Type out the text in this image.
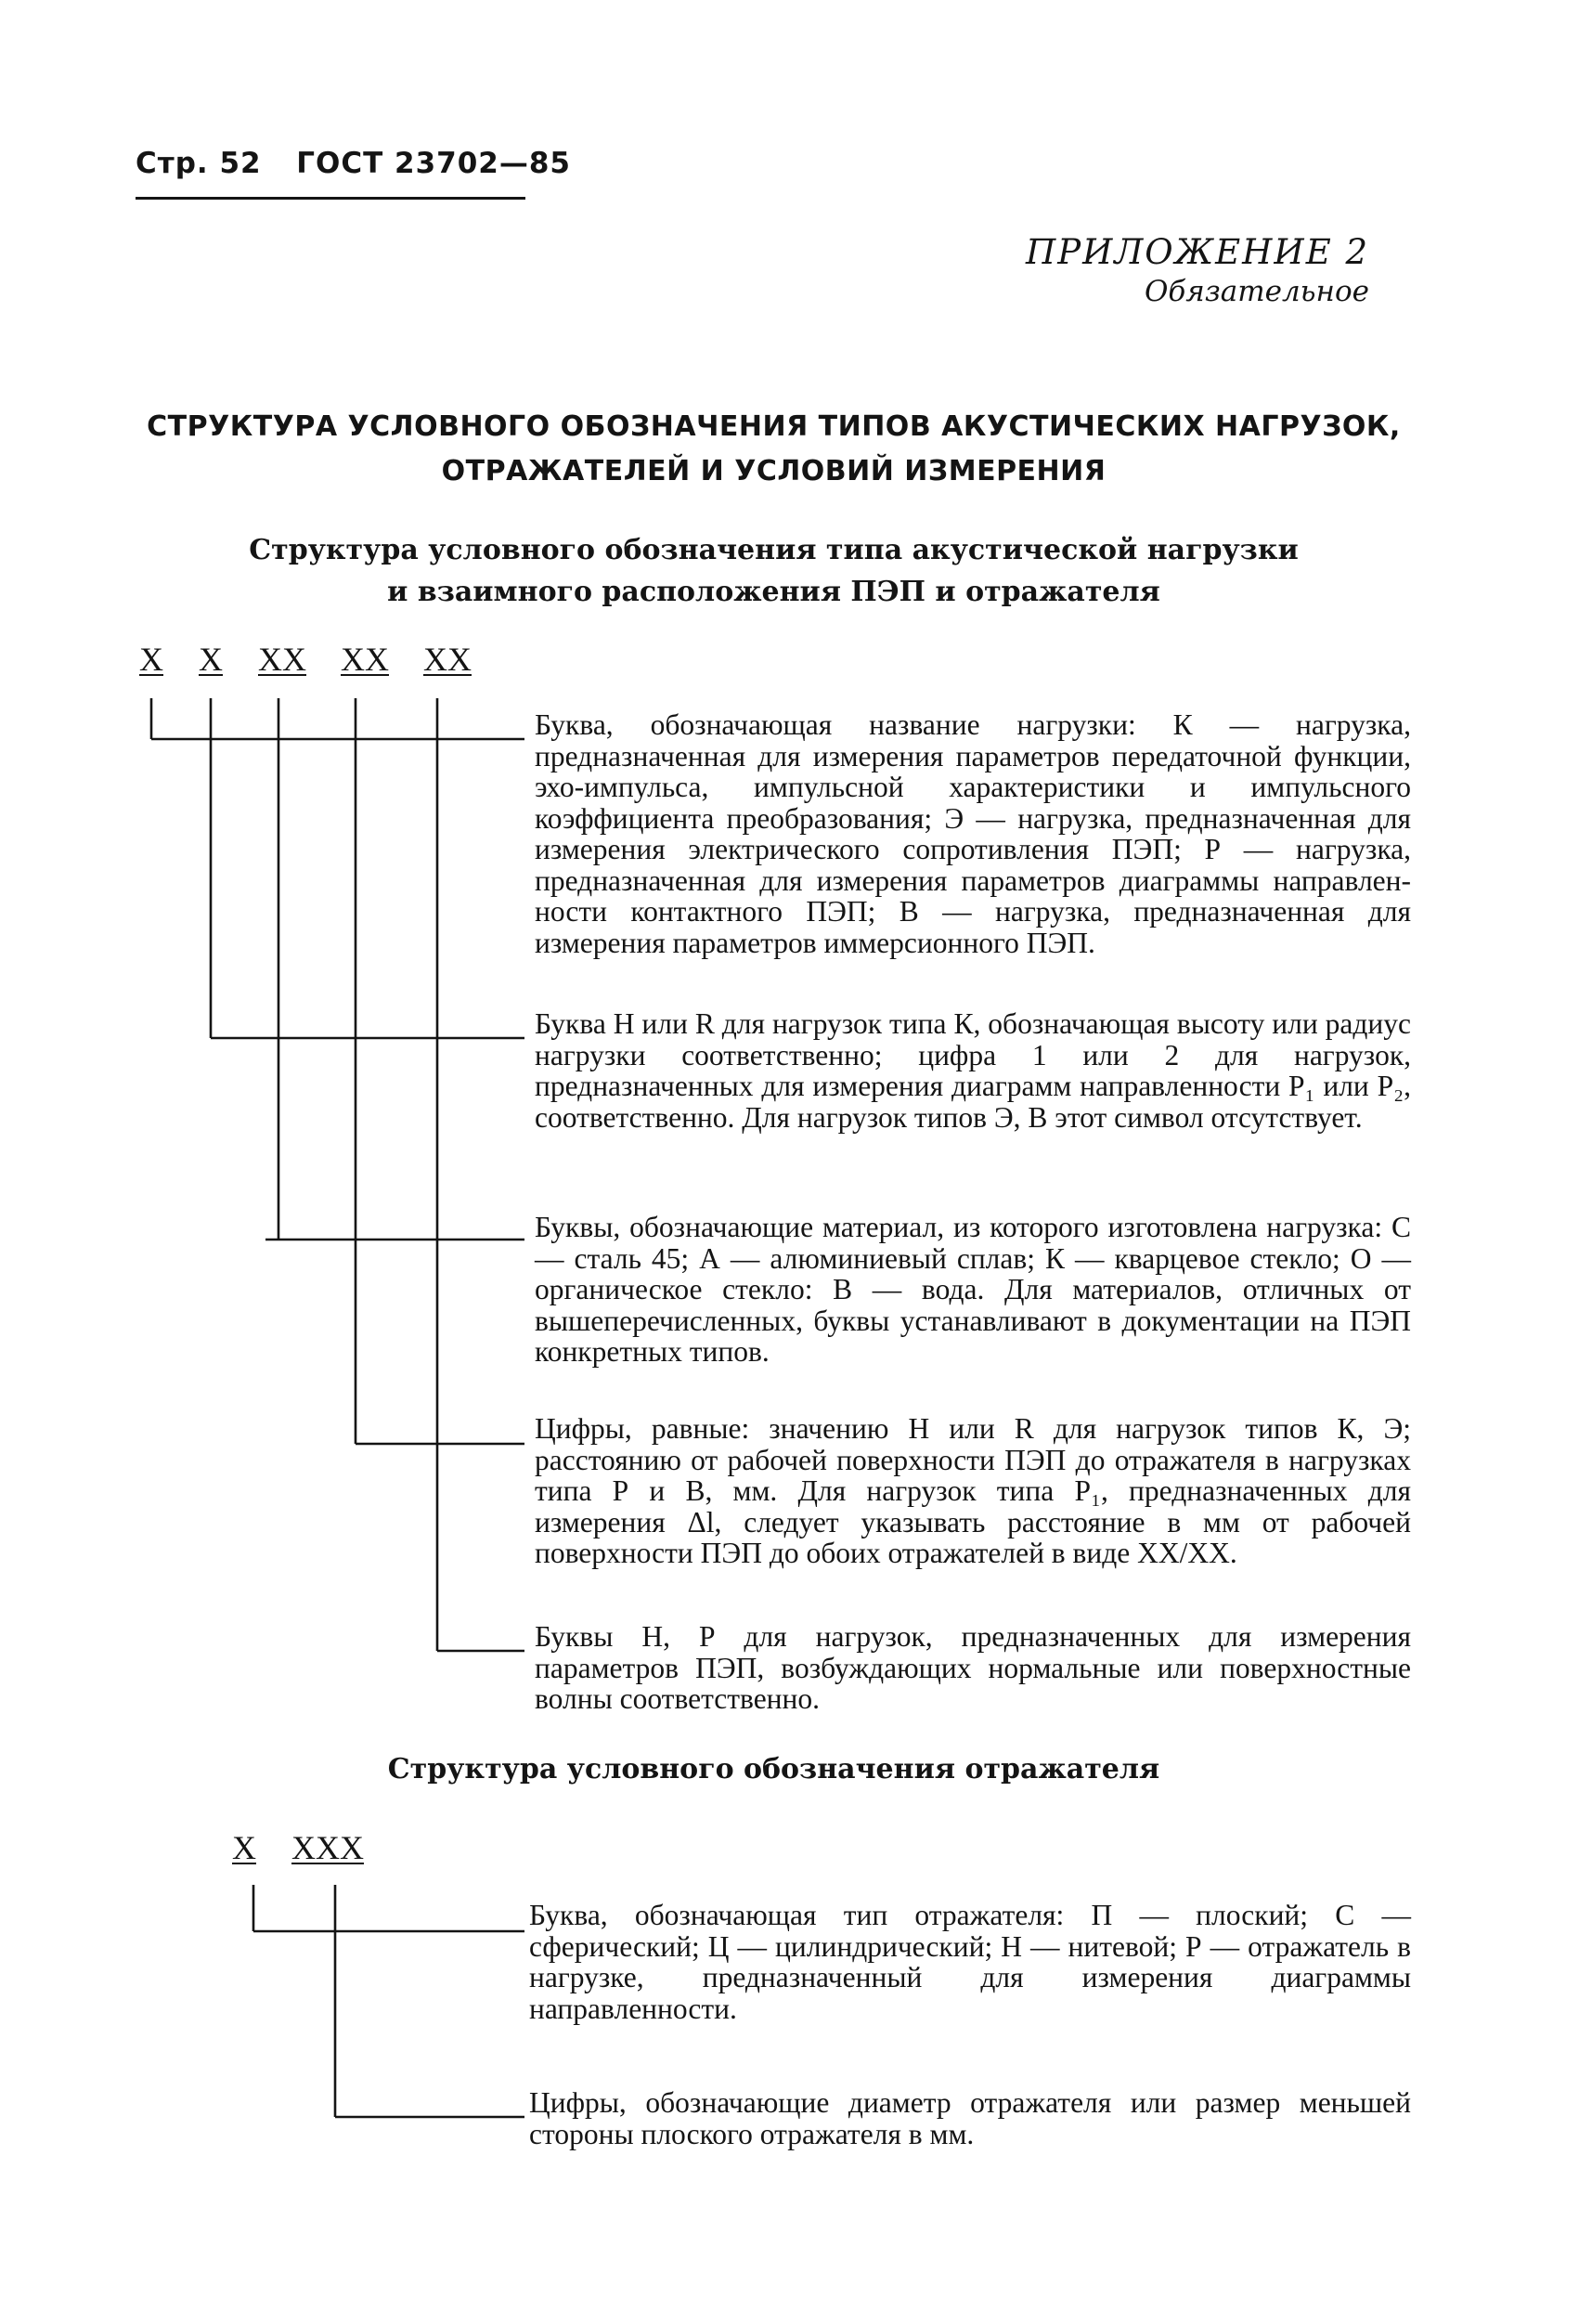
Стр. 52 ГОСТ 23702—85
ПРИЛОЖЕНИЕ 2
Обязательное
СТРУКТУРА УСЛОВНОГО ОБОЗНАЧЕНИЯ ТИПОВ АКУСТИЧЕСКИХ НАГРУЗОК,
ОТРАЖАТЕЛЕЙ И УСЛОВИЙ ИЗМЕРЕНИЯ
Структура условного обозначения типа акустической нагрузки
и взаимного расположения ПЭП и отражателя
X X XX XX XX
Буква, обозначающая название нагрузки: К — нагрузка, предназначенная для измерения параметров передаточной функции, эхо-импульса, импульсной характеристики и импульсного коэффициента преобразования; Э — нагрузка, предназначенная для измерения электрического сопротивления ПЭП; Р — нагрузка, предназначенная для измерения параметров диаграммы направленности контактного ПЭП; В — нагрузка, предназначенная для измерения параметров иммерсионного ПЭП.
Буква H или R для нагрузок типа К, обозначающая высоту или радиус нагрузки соответственно; цифра 1 или 2 для нагрузок, предназначенных для измерения диаграмм направленности P₁ или P₂, соответственно. Для нагрузок типов Э, В этот символ отсутствует.
Буквы, обозначающие материал, из которого изготовлена нагрузка: С — сталь 45; А — алюминиевый сплав; К — кварцевое стекло; О — органическое стекло: В — вода. Для материалов, отличных от вышеперечисленных, буквы устанавливают в документации на ПЭП конкретных типов.
Цифры, равные: значению H или R для нагрузок типов К, Э; расстоянию от рабочей поверхности ПЭП до отражателя в нагрузках типа Р и В, мм. Для нагрузок типа P₁, предназначенных для измерения Δl, следует указывать расстояние в мм от рабочей поверхности ПЭП до обоих отражателей в виде XX/XX.
Буквы H, Р для нагрузок, предназначенных для измерения параметров ПЭП, возбуждающих нормальные или поверхностные волны соответственно.
Структура условного обозначения отражателя
X XXX
Буква, обозначающая тип отражателя: П — плоский; С — сферический; Ц — цилиндрический; H — нитевой; Р — отражатель в нагрузке, предназначенный для измерения диаграммы направленности.
Цифры, обозначающие диаметр отражателя или размер меньшей стороны плоского отражателя в мм.
